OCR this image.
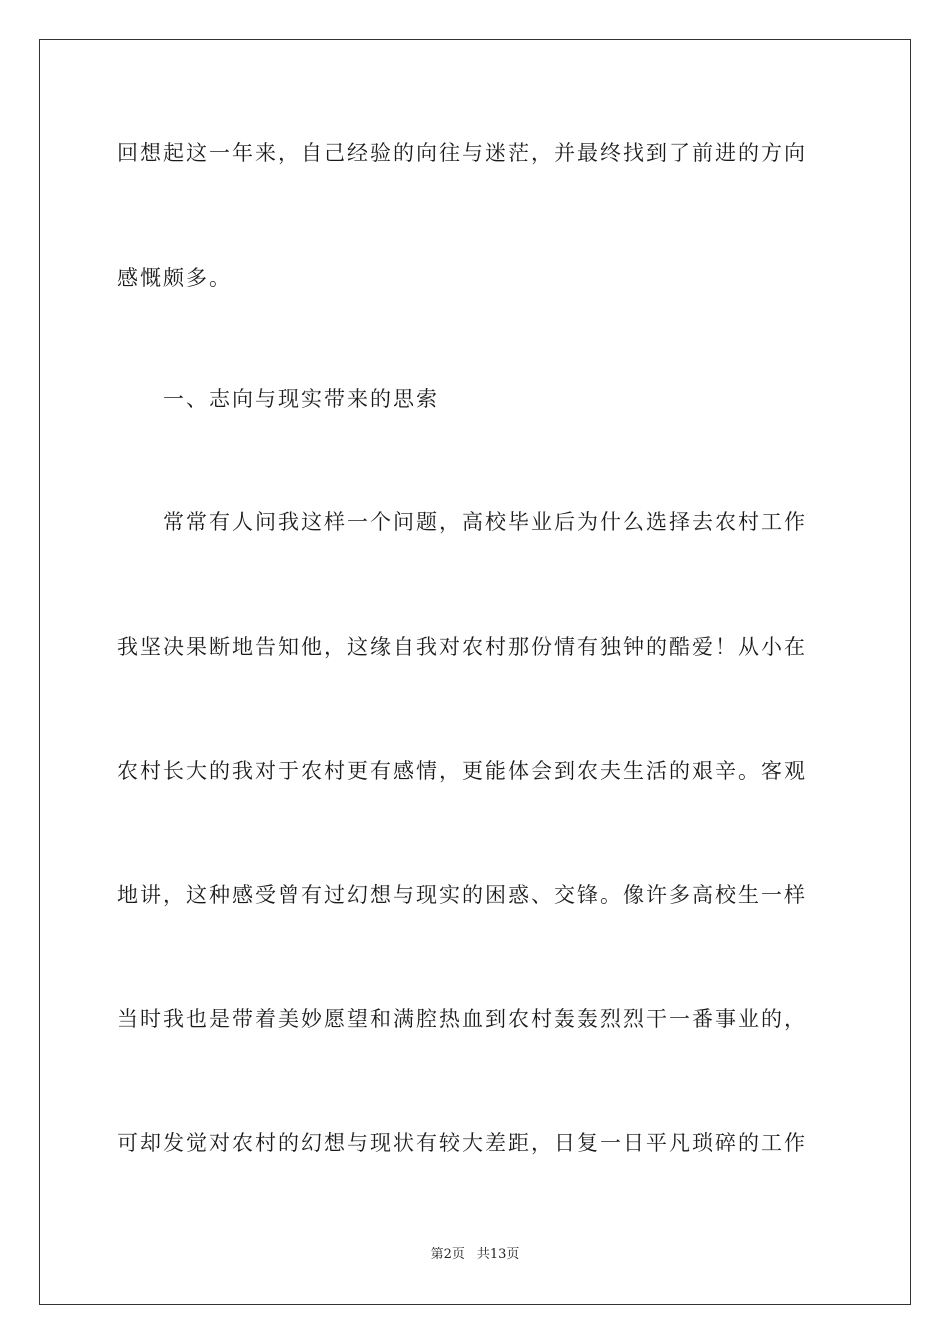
回想起这一年来，自己经验的向往与迷茫，并最终找到了前进的方向
感慨颇多。
一、志向与现实带来的思索
常常有人问我这样一个问题，高校毕业后为什么选择去农村工作
我坚决果断地告知他，这缘自我对农村那份情有独钟的酷爱！从小在
农村长大的我对于农村更有感情，更能体会到农夫生活的艰辛。客观
地讲，这种感受曾有过幻想与现实的困惑、交锋。像许多高校生一样
当时我也是带着美妙愿望和满腔热血到农村轰轰烈烈干一番事业的，
可却发觉对农村的幻想与现状有较大差距，日复一日平凡琐碎的工作
第2页 共13页
